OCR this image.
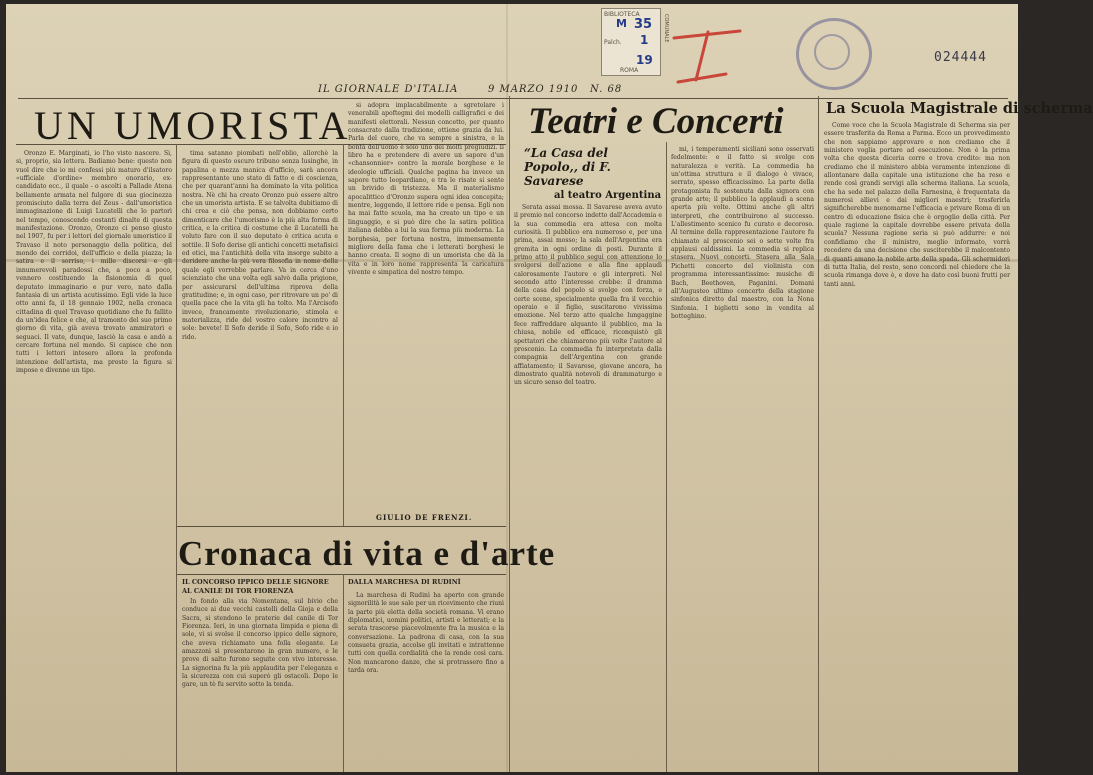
BIBLIOTECA
M 35
Palch. 1
19
ROMA
COMUNALE
024444
IL GIORNALE D'ITALIA	9 MARZO 1910 N. 68
UN UMORISTA	Teatri e Concerti
Cronaca di vita e d'arte
La Scuola Magistrale di scherma
“La Casa del Popolo,, di F. Savarese
al teatro Argentina
GIULIO DE FRENZI.

Oronzo E. Marginati, io l'ho visto nascere. Si, si, proprio, sia lettera. Badiamo bene: questo non vuol dire che io mi confessi più maturo d'ilsatoro «ufficiale d'ordine» membro onorario, ex-candidato ecc., il quale - o ascolti a Pallade Atena bellamente armata nel fulgore di sua giocinezza promisciuto dalla terra del Zeus - dall'umoristica immaginazione di Luigi Lucatelli che lo partorì nel tempo, conoscendo costanti dinalte di questa manifestazione. Oronzo, Oronzo ci penso giusto nel 1907, fu per i lettori del giornale umoristico il Travaso il noto personaggio della politica, del mondo dei corridoi, dell'ufficio e della piazza; la satira e il sorriso, i mille discorsi e gli innumerevoli paradossi che, a poco a poco, vennero costituendo la fisionomia di quel deputato immaginario e pur vero, nato dalla fantasia di un artista acutissimo. Egli vide la luce otto anni fa, il 18 gennaio 1902, nella cronaca cittadina di quel Travaso quotidiano che fu fallito da un'idea felice e che, al tramonto del suo primo giorno di vita, già aveva trovato ammiratori e seguaci. Il vate, dunque, lasciò la casa e andò a cercare fortuna nel mondo. Si capisce che non tutti i lettori intesero allora la profonda intenzione dell'artista, ma presto la figura si impose e divenne un tipo.

tima satanno piombati nell'oblio, allorchè la figura di questo oscuro tribuno senza lusinghe, in papalina e mezza manica d'ufficio, sarà ancora rappresentante uno stato di fatto e di coscienza, che per quarant'anni ha dominato la vita politica nostra. Nè chi ha creato Oronzo può essere altro che un umorista artista. E se talvolta dubitiamo di chi crea e ciò che pensa, non dobbiamo certo dimenticare che l'umorismo è la più alta forma di critica, e la critica di costume che il Lucatelli ha voluto fare con il suo deputato è critica acuta e sottile. Il Sofo derise gli antichi concetti metafisici ed etici, ma l'antichità della vita insorge subito a deridere anche la più vera filosofia in nome della quale egli vorrebbe parlare. Va in cerca d'uno scienziato che una volta egli salvò dalla prigione, per assicurarsi dell'ultima riprova della gratitudine; e, in ogni caso, per ritrovare un po' di quella pace che la vita gli ha tolto. Ma l'Arcisofo invece, francamente rivoluzionario, stimola e materializza, ride del vostro calore incontro al sole: bevete! Il Sofo deride il Sofo, Sofo ride e io rido.

si adopra implacabilmente a sgretolare i venerabili apoftegmi dei modelli calligrafici e dei manifesti elettorali. Nessun concetto, per quanto consacrato dalla tradizione, ottiene grazia da lui. Parla del cuore, che va sempre a sinistra, e la bontà dell'uomo è solo uno dei molti pregiudizi. Il libro ha e pretendere di avere un sapore d'un «chansonnier» contro la morale borghese e le ideologie ufficiali. Qualche pagina ha invece un sapore tutto leopardiano, e tra le risate si sente un brivido di tristezza. Ma il materialismo apocalittico d'Oronzo supera ogni idea concepita; mentre, leggendo, il lettore ride e pensa. Egli non ha mai fatto scuola, ma ha creato un tipo e un linguaggio, e si può dire che la satira politica italiana debba a lui la sua forma più moderna. La borghesia, per fortuna nostra, immensamente migliore della fama che i letterati borghesi le hanno creata. Il sogno di un umorista che dà la vita e in loro nome rappresenta la caricatura vivente e simpatica del nostro tempo.

IL CONCORSO IPPICO DELLE SIGNORE AL CANILE DI TOR FIORENZA

In fondo alla via Nomentana, sul bivio che conduce ai due vecchi castelli della Gioja e della Sacra, si stendono le praterie del canile di Tor Fiorenza. Ieri, in una giornata limpida e piena di sole, vi si svolse il concorso ippico delle signore, che aveva richiamato una folla elegante. Le amazzoni si presentarono in gran numero, e le prove di salto furono seguite con vivo interesse. La signorina fu la più applaudita per l'eleganza e la sicurezza con cui superò gli ostacoli. Dopo le gare, un tè fu servito sotto la tenda.

DALLA MARCHESA DI RUDINÌ

La marchesa di Rudinì ha aperto con grande signorilità le sue sale per un ricevimento che riunì la parte più eletta della società romana. Vi erano diplomatici, uomini politici, artisti e letterati; e la serata trascorse piacevolmente fra la musica e la conversazione. La padrona di casa, con la sua consueta grazia, accolse gli invitati e intrattenne tutti con quella cordialità che la rende così cara. Non mancarono danze, che si protrassero fino a tarda ora.

Serata assai mossa. Il Savarese aveva avuto il premio nel concorso indetto dall'Accademia e la sua commedia era attesa con molta curiosità. Il pubblico era numeroso e, per una prima, assai mosso; la sala dell'Argentina era gremita in ogni ordine di posti. Durante il primo atto il pubblico seguì con attenzione lo svolgersi dell'azione e alla fine applaudì calorosamente l'autore e gli interpreti. Nel secondo atto l'interesse crebbe: il dramma della casa del popolo si svolge con forza, e certe scene, specialmente quella fra il vecchio operaio e il figlio, suscitarono vivissima emozione. Nel terzo atto qualche lungaggine fece raffreddare alquanto il pubblico, ma la chiusa, nobile ed efficace, riconquistò gli spettatori che chiamarono più volte l'autore al proscenio. La commedia fu interpretata dalla compagnia dell'Argentina con grande affiatamento; il Savarese, giovane ancora, ha dimostrato qualità notevoli di drammaturgo e un sicuro senso del teatro.

mi, i temperamenti siciliani sono osservati fedelmente: e il fatto si svolge con naturalezza e verità. La commedia ha un'ottima struttura e il dialogo è vivace, serrato, spesso efficacissimo. La parte della protagonista fu sostenuta dalla signora con grande arte; il pubblico la applaudì a scena aperta più volte. Ottimi anche gli altri interpreti, che contribuirono al successo. L'allestimento scenico fu curato e decoroso. Al termine della rappresentazione l'autore fu chiamato al proscenio sei o sette volte fra applausi caldissimi. La commedia si replica stasera. Nuovi concerti. Stasera alla Sala Pichetti concerto del violinista con programma interessantissimo: musiche di Bach, Beethoven, Paganini. Domani all'Augusteo ultimo concerto della stagione sinfonica diretto dal maestro, con la Nona Sinfonia. I biglietti sono in vendita al botteghino.

Come voce che la Scuola Magistrale di Scherma sia per essere trasferita da Roma a Parma. Ecco un provvedimento che non sappiamo approvare e non crediamo che il ministero voglia portare ad esecuzione. Non è la prima volta che questa diceria corre e trova credito: ma non crediamo che il ministero abbia veramente intenzione di allontanare dalla capitale una istituzione che ha reso e rende così grandi servigi alla scherma italiana. La scuola, che ha sede nel palazzo della Farnesina, è frequentata da numerosi allievi e dai migliori maestri; trasferirla significherebbe menomarne l'efficacia e privare Roma di un centro di educazione fisica che è orgoglio della città. Per quale ragione la capitale dovrebbe essere privata della scuola? Nessuna ragione seria si può addurre: e noi confidiamo che il ministro, meglio informato, vorrà recedere da una decisione che susciterebbe il malcontento di quanti amano la nobile arte della spada. Gli schermidori di tutta Italia, del resto, sono concordi nel chiedere che la scuola rimanga dove è, e dove ha dato così buoni frutti per tanti anni.
